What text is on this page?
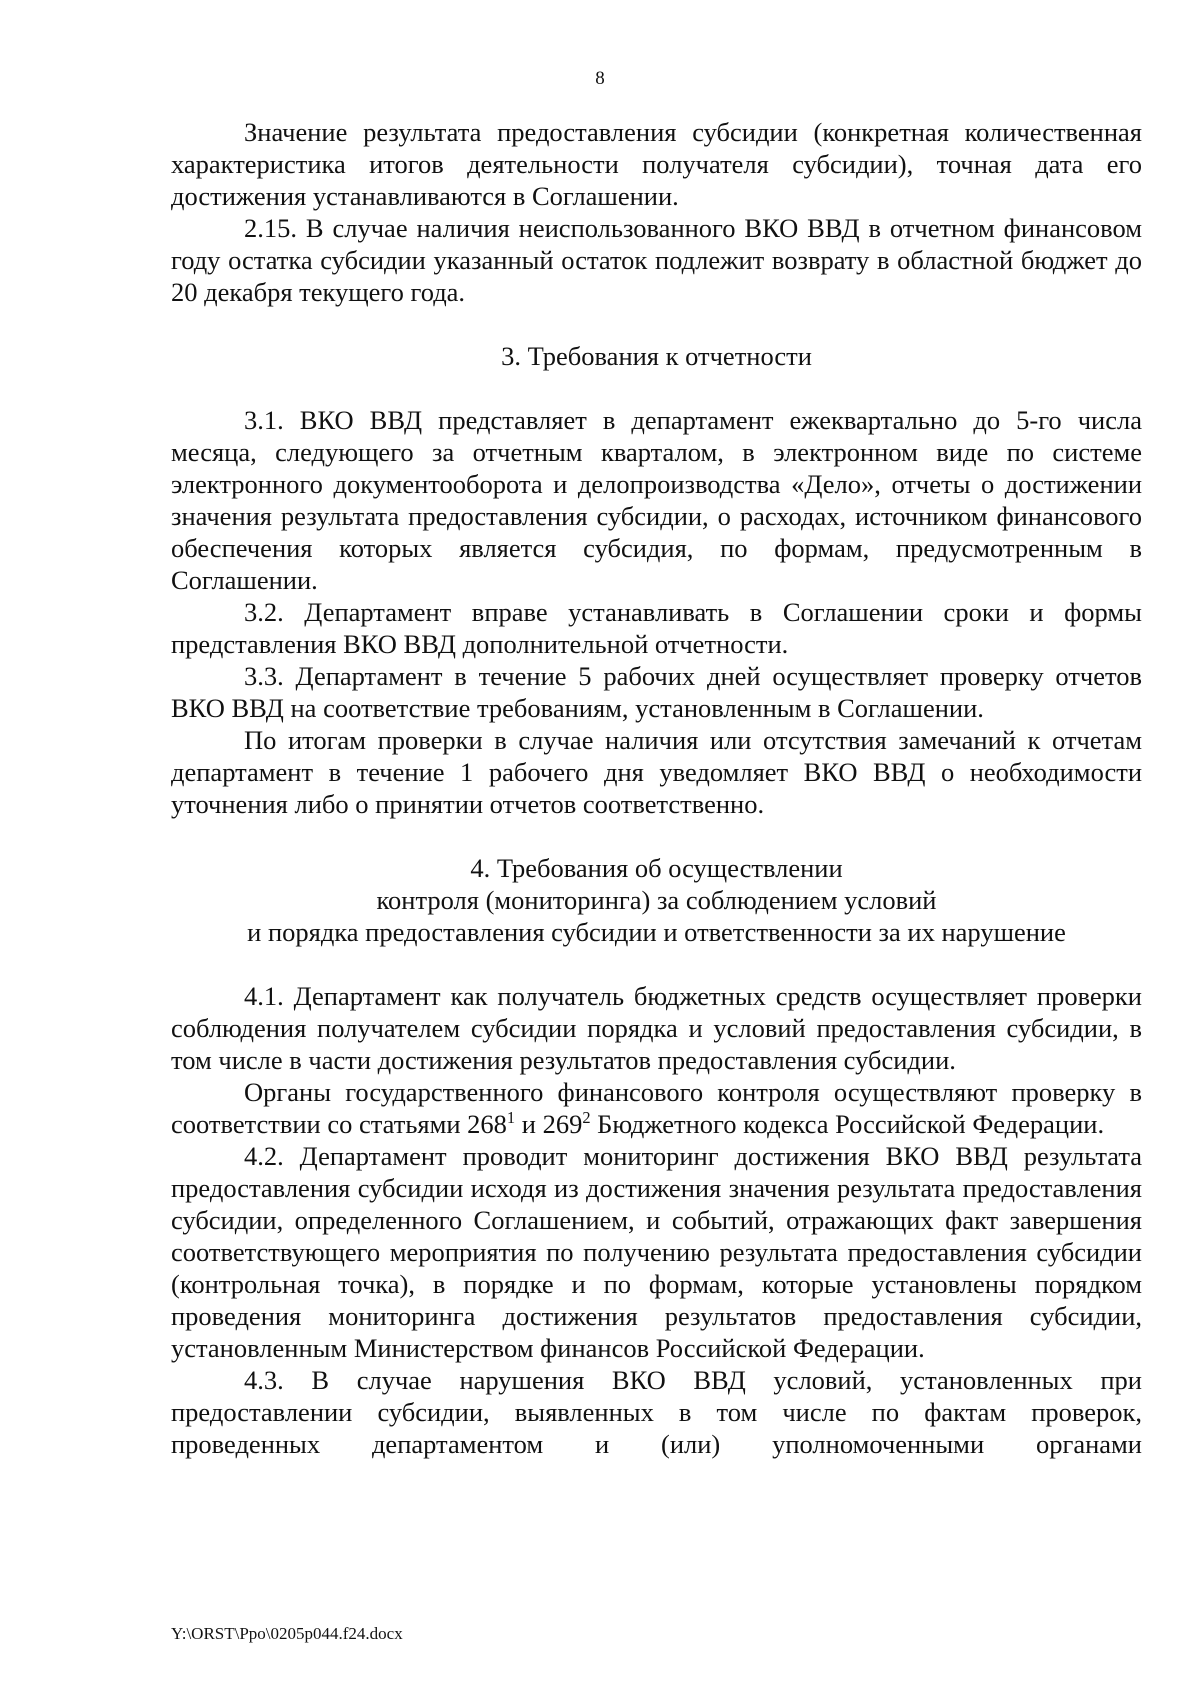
8

Значение результата предоставления субсидии (конкретная количественная характеристика итогов деятельности получателя субсидии), точная дата его достижения устанавливаются в Соглашении.

2.15. В случае наличия неиспользованного ВКО ВВД в отчетном финансовом году остатка субсидии указанный остаток подлежит возврату в областной бюджет до 20 декабря текущего года.

3. Требования к отчетности

3.1. ВКО ВВД представляет в департамент ежеквартально до 5-го числа месяца, следующего за отчетным кварталом, в электронном виде по системе электронного документооборота и делопроизводства «Дело», отчеты о достижении значения результата предоставления субсидии, о расходах, источником финансового обеспечения которых является субсидия, по формам, предусмотренным в Соглашении.

3.2. Департамент вправе устанавливать в Соглашении сроки и формы представления ВКО ВВД дополнительной отчетности.

3.3. Департамент в течение 5 рабочих дней осуществляет проверку отчетов ВКО ВВД на соответствие требованиям, установленным в Соглашении.

По итогам проверки в случае наличия или отсутствия замечаний к отчетам департамент в течение 1 рабочего дня уведомляет ВКО ВВД о необходимости уточнения либо о принятии отчетов соответственно.

4. Требования об осуществлении
контроля (мониторинга) за соблюдением условий
и порядка предоставления субсидии и ответственности за их нарушение

4.1. Департамент как получатель бюджетных средств осуществляет проверки соблюдения получателем субсидии порядка и условий предоставления субсидии, в том числе в части достижения результатов предоставления субсидии.

Органы государственного финансового контроля осуществляют проверку в соответствии со статьями $268^1$ и $269^2$ Бюджетного кодекса Российской Федерации.

4.2. Департамент проводит мониторинг достижения ВКО ВВД результата предоставления субсидии исходя из достижения значения результата предоставления субсидии, определенного Соглашением, и событий, отражающих факт завершения соответствующего мероприятия по получению результата предоставления субсидии (контрольная точка), в порядке и по формам, которые установлены порядком проведения мониторинга достижения результатов предоставления субсидии, установленным Министерством финансов Российской Федерации.

4.3. В случае нарушения ВКО ВВД условий, установленных при предоставлении субсидии, выявленных в том числе по фактам проверок, проведенных департаментом и (или) уполномоченными органами

Y:\ORST\Ppo\0205p044.f24.docx
